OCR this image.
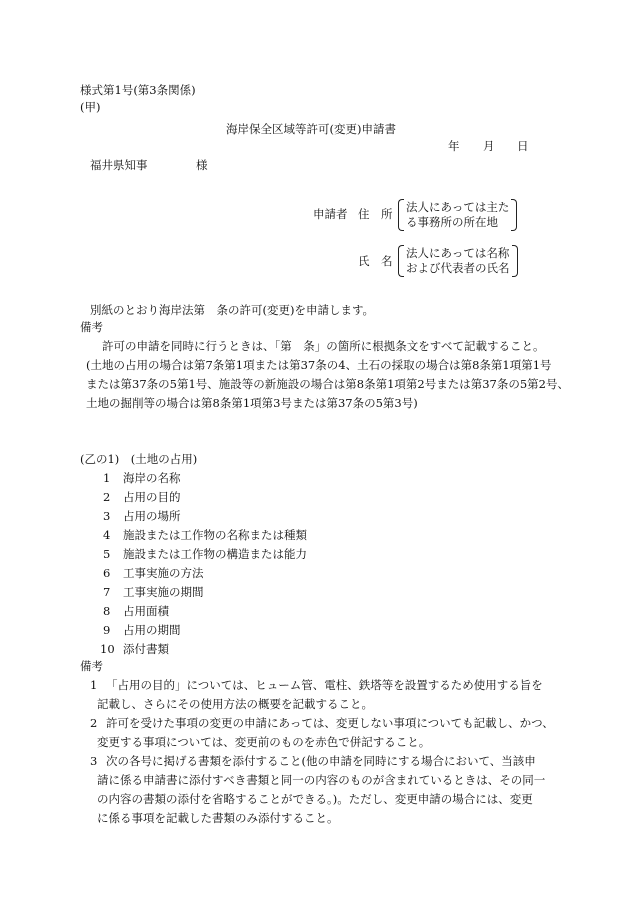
様式第1号(第3条関係)
(甲)
海岸保全区域等許可(変更)申請書
年 月 日
福井県知事	様
申請者 住　所 法人にあっては主た
る事務所の所在地
氏　名
法人にあっては名称
および代表者の氏名
別紙のとおり海岸法第　条の許可(変更)を申請します。
備考
許可の申請を同時に行うときは、「第　条」の箇所に根拠条文をすべて記載すること。
(土地の占用の場合は第7条第1項または第37条の4、土石の採取の場合は第8条第1項第1号
または第37条の5第1号、施設等の新施設の場合は第8条第1項第2号または第37条の5第2号、
土地の掘削等の場合は第8条第1項第3号または第37条の5第3号)
(乙の1)　(土地の占用)
1 海岸の名称
2 占用の目的
3 占用の場所
4 施設または工作物の名称または種類
5 施設または工作物の構造または能力
6 工事実施の方法
7 工事実施の期間
8 占用面積
9 占用の期間
10 添付書類
備考
1 「占用の目的」については、ヒューム管、電柱、鉄塔等を設置するため使用する旨を
記載し、さらにその使用方法の概要を記載すること。
2 許可を受けた事項の変更の申請にあっては、変更しない事項についても記載し、かつ、
変更する事項については、変更前のものを赤色で併記すること。
3 次の各号に掲げる書類を添付すること(他の申請を同時にする場合において、当該申
請に係る申請書に添付すべき書類と同一の内容のものが含まれているときは、その同一
の内容の書類の添付を省略することができる。)。ただし、変更申請の場合には、変更
に係る事項を記載した書類のみ添付すること。
